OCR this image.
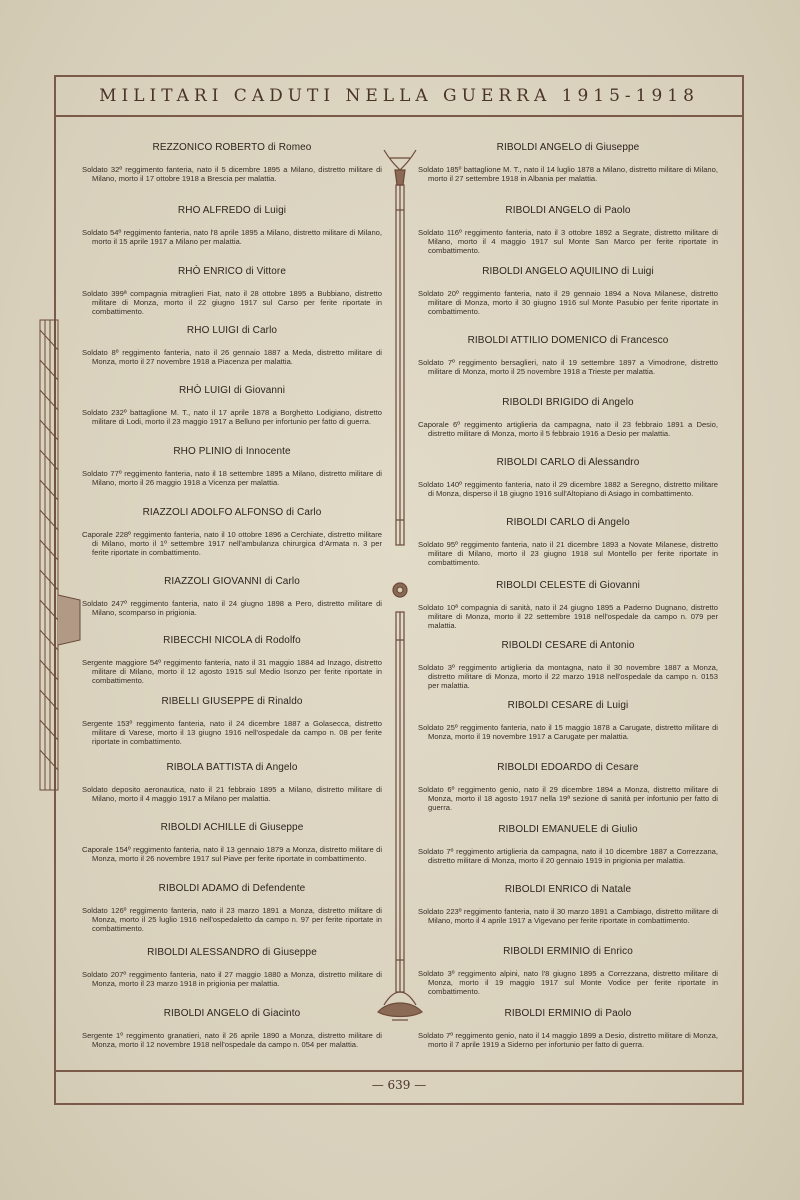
MILITARI CADUTI NELLA GUERRA 1915-1918

REZZONICO ROBERTO di Romeo

Soldato 32º reggimento fanteria, nato il 5 dicembre 1895 a Milano, distretto militare di Milano, morto il 17 ottobre 1918 a Brescia per malattia.

RHO ALFREDO di Luigi

Soldato 54º reggimento fanteria, nato l'8 aprile 1895 a Milano, distretto militare di Milano, morto il 15 aprile 1917 a Milano per malattia.

RHÒ ENRICO di Vittore

Soldato 399ª compagnia mitraglieri Fiat, nato il 28 ottobre 1895 a Bubbiano, distretto militare di Monza, morto il 22 giugno 1917 sul Carso per ferite riportate in combattimento.

RHO LUIGI di Carlo

Soldato 8º reggimento fanteria, nato il 26 gennaio 1887 a Meda, distretto militare di Monza, morto il 27 novembre 1918 a Piacenza per malattia.

RHÒ LUIGI di Giovanni

Soldato 232º battaglione M. T., nato il 17 aprile 1878 a Borghetto Lodigiano, distretto militare di Lodi, morto il 23 maggio 1917 a Belluno per infortunio per fatto di guerra.

RHO PLINIO di Innocente

Soldato 77º reggimento fanteria, nato il 18 settembre 1895 a Milano, distretto militare di Milano, morto il 26 maggio 1918 a Vicenza per malattia.

RIAZZOLI ADOLFO ALFONSO di Carlo

Caporale 228º reggimento fanteria, nato il 10 ottobre 1896 a Cerchiate, distretto militare di Milano, morto il 1º settembre 1917 nell'ambulanza chirurgica d'Armata n. 3 per ferite riportate in combattimento.

RIAZZOLI GIOVANNI di Carlo

Soldato 247º reggimento fanteria, nato il 24 giugno 1898 a Pero, distretto militare di Milano, scomparso in prigionia.

RIBECCHI NICOLA di Rodolfo

Sergente maggiore 54º reggimento fanteria, nato il 31 maggio 1884 ad Inzago, distretto militare di Milano, morto il 12 agosto 1915 sul Medio Isonzo per ferite riportate in combattimento.

RIBELLI GIUSEPPE di Rinaldo

Sergente 153º reggimento fanteria, nato il 24 dicembre 1887 a Golasecca, distretto militare di Varese, morto il 13 giugno 1916 nell'ospedale da campo n. 08 per ferite riportate in combattimento.

RIBOLA BATTISTA di Angelo

Soldato deposito aeronautica, nato il 21 febbraio 1895 a Milano, distretto militare di Milano, morto il 4 maggio 1917 a Milano per malattia.

RIBOLDI ACHILLE di Giuseppe

Caporale 154º reggimento fanteria, nato il 13 gennaio 1879 a Monza, distretto militare di Monza, morto il 26 novembre 1917 sul Piave per ferite riportate in combattimento.

RIBOLDI ADAMO di Defendente

Soldato 126º reggimento fanteria, nato il 23 marzo 1891 a Monza, distretto militare di Monza, morto il 25 luglio 1916 nell'ospedaletto da campo n. 97 per ferite riportate in combattimento.

RIBOLDI ALESSANDRO di Giuseppe

Soldato 207º reggimento fanteria, nato il 27 maggio 1880 a Monza, distretto militare di Monza, morto il 23 marzo 1918 in prigionia per malattia.

RIBOLDI ANGELO di Giacinto

Sergente 1º reggimento granatieri, nato il 26 aprile 1890 a Monza, distretto militare di Monza, morto il 12 novembre 1918 nell'ospedale da campo n. 054 per malattia.

RIBOLDI ANGELO di Giuseppe

Soldato 185º battaglione M. T., nato il 14 luglio 1878 a Milano, distretto militare di Milano, morto il 27 settembre 1918 in Albania per malattia.

RIBOLDI ANGELO di Paolo

Soldato 116º reggimento fanteria, nato il 3 ottobre 1892 a Segrate, distretto militare di Milano, morto il 4 maggio 1917 sul Monte San Marco per ferite riportate in combattimento.

RIBOLDI ANGELO AQUILINO di Luigi

Soldato 20º reggimento fanteria, nato il 29 gennaio 1894 a Nova Milanese, distretto militare di Monza, morto il 30 giugno 1916 sul Monte Pasubio per ferite riportate in combattimento.

RIBOLDI ATTILIO DOMENICO di Francesco

Soldato 7º reggimento bersaglieri, nato il 19 settembre 1897 a Vimodrone, distretto militare di Monza, morto il 25 novembre 1918 a Trieste per malattia.

RIBOLDI BRIGIDO di Angelo

Caporale 6º reggimento artiglieria da campagna, nato il 23 febbraio 1891 a Desio, distretto militare di Monza, morto il 5 febbraio 1916 a Desio per malattia.

RIBOLDI CARLO di Alessandro

Soldato 140º reggimento fanteria, nato il 29 dicembre 1882 a Seregno, distretto militare di Monza, disperso il 18 giugno 1916 sull'Altopiano di Asiago in combattimento.

RIBOLDI CARLO di Angelo

Soldato 95º reggimento fanteria, nato il 21 dicembre 1893 a Novate Milanese, distretto militare di Milano, morto il 23 giugno 1918 sul Montello per ferite riportate in combattimento.

RIBOLDI CELESTE di Giovanni

Soldato 10ª compagnia di sanità, nato il 24 giugno 1895 a Paderno Dugnano, distretto militare di Monza, morto il 22 settembre 1918 nell'ospedale da campo n. 079 per malattia.

RIBOLDI CESARE di Antonio

Soldato 3º reggimento artiglieria da montagna, nato il 30 novembre 1887 a Monza, distretto militare di Monza, morto il 22 marzo 1918 nell'ospedale da campo n. 0153 per malattia.

RIBOLDI CESARE di Luigi

Soldato 25º reggimento fanteria, nato il 15 maggio 1878 a Carugate, distretto militare di Monza, morto il 19 novembre 1917 a Carugate per malattia.

RIBOLDI EDOARDO di Cesare

Soldato 6º reggimento genio, nato il 29 dicembre 1894 a Monza, distretto militare di Monza, morto il 18 agosto 1917 nella 19ª sezione di sanità per infortunio per fatto di guerra.

RIBOLDI EMANUELE di Giulio

Soldato 7º reggimento artiglieria da campagna, nato il 10 dicembre 1887 a Correzzana, distretto militare di Monza, morto il 20 gennaio 1919 in prigionia per malattia.

RIBOLDI ENRICO di Natale

Soldato 223º reggimento fanteria, nato il 30 marzo 1891 a Cambiago, distretto militare di Milano, morto il 4 aprile 1917 a Vigevano per ferite riportate in combattimento.

RIBOLDI ERMINIO di Enrico

Soldato 3º reggimento alpini, nato l'8 giugno 1895 a Correzzana, distretto militare di Monza, morto il 19 maggio 1917 sul Monte Vodice per ferite riportate in combattimento.

RIBOLDI ERMINIO di Paolo

Soldato 7º reggimento genio, nato il 14 maggio 1899 a Desio, distretto militare di Monza, morto il 7 aprile 1919 a Siderno per infortunio per fatto di guerra.

— 639 —
